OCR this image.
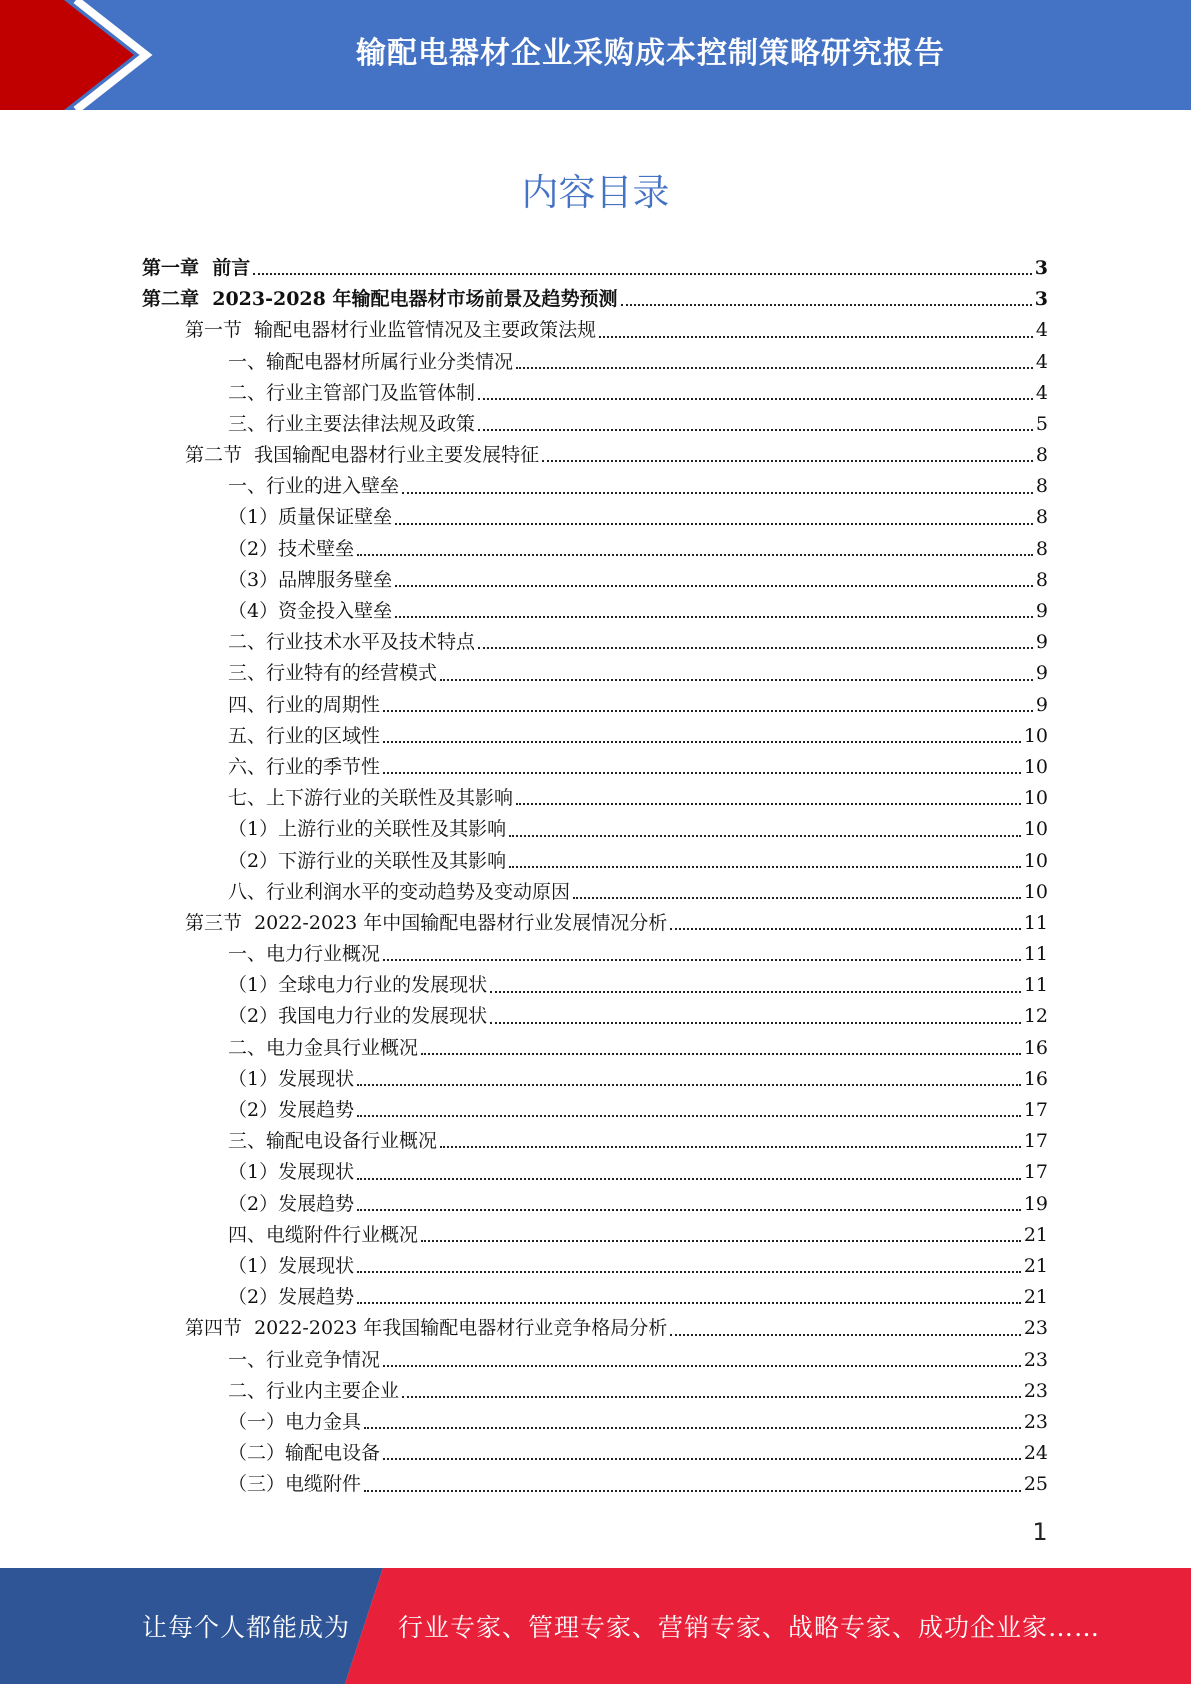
输配电器材企业采购成本控制策略研究报告
内容目录
第一章  前言	3
第二章  2023-2028 年输配电器材市场前景及趋势预测	3
第一节  输配电器材行业监管情况及主要政策法规	4
一、输配电器材所属行业分类情况	4
二、行业主管部门及监管体制	4
三、行业主要法律法规及政策	5
第二节  我国输配电器材行业主要发展特征	8
一、行业的进入壁垒	8
（1）质量保证壁垒	8
（2）技术壁垒	8
（3）品牌服务壁垒	8
（4）资金投入壁垒	9
二、行业技术水平及技术特点	9
三、行业特有的经营模式	9
四、行业的周期性	9
五、行业的区域性	10
六、行业的季节性	10
七、上下游行业的关联性及其影响	10
（1）上游行业的关联性及其影响	10
（2）下游行业的关联性及其影响	10
八、行业利润水平的变动趋势及变动原因	10
第三节  2022-2023 年中国输配电器材行业发展情况分析	11
一、电力行业概况	11
（1）全球电力行业的发展现状	11
（2）我国电力行业的发展现状	12
二、电力金具行业概况	16
（1）发展现状	16
（2）发展趋势	17
三、输配电设备行业概况	17
（1）发展现状	17
（2）发展趋势	19
四、电缆附件行业概况	21
（1）发展现状	21
（2）发展趋势	21
第四节  2022-2023 年我国输配电器材行业竞争格局分析	23
一、行业竞争情况	23
二、行业内主要企业	23
（一）电力金具	23
（二）输配电设备	24
（三）电缆附件	25
1
让每个人都能成为 行业专家、管理专家、营销专家、战略专家、成功企业家……
